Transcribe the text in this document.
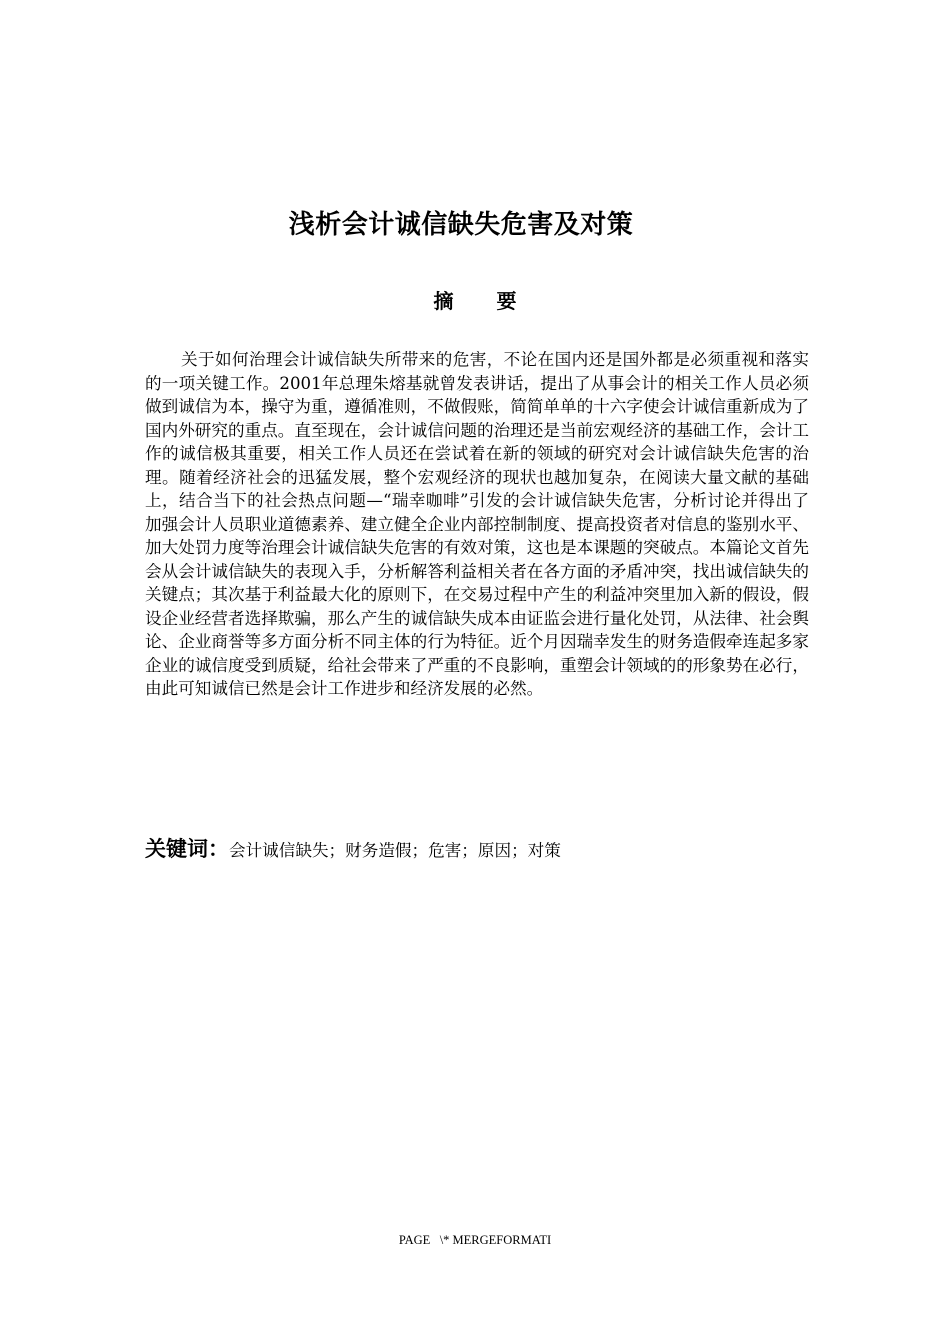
浅析会计诚信缺失危害及对策
摘 要

关于如何治理会计诚信缺失所带来的危害，不论在国内还是国外都是必须重视和落实的一项关键工作。2001年总理朱熔基就曾发表讲话，提出了从事会计的相关工作人员必须做到诚信为本，操守为重，遵循准则，不做假账，简简单单的十六字使会计诚信重新成为了国内外研究的重点。直至现在，会计诚信问题的治理还是当前宏观经济的基础工作，会计工作的诚信极其重要，相关工作人员还在尝试着在新的领域的研究对会计诚信缺失危害的治理。随着经济社会的迅猛发展，整个宏观经济的现状也越加复杂，在阅读大量文献的基础上，结合当下的社会热点问题—“瑞幸咖啡”引发的会计诚信缺失危害，分析讨论并得出了加强会计人员职业道德素养、建立健全企业内部控制制度、提高投资者对信息的鉴别水平、加大处罚力度等治理会计诚信缺失危害的有效对策，这也是本课题的突破点。本篇论文首先会从会计诚信缺失的表现入手，分析解答利益相关者在各方面的矛盾冲突，找出诚信缺失的关键点；其次基于利益最大化的原则下，在交易过程中产生的利益冲突里加入新的假设，假设企业经营者选择欺骗，那么产生的诚信缺失成本由证监会进行量化处罚，从法律、社会舆论、企业商誉等多方面分析不同主体的行为特征。近个月因瑞幸发生的财务造假牵连起多家企业的诚信度受到质疑，给社会带来了严重的不良影响，重塑会计领域的的形象势在必行，由此可知诚信已然是会计工作进步和经济发展的必然。

关键词：会计诚信缺失；财务造假；危害；原因；对策

PAGE   \* MERGEFORMATI
